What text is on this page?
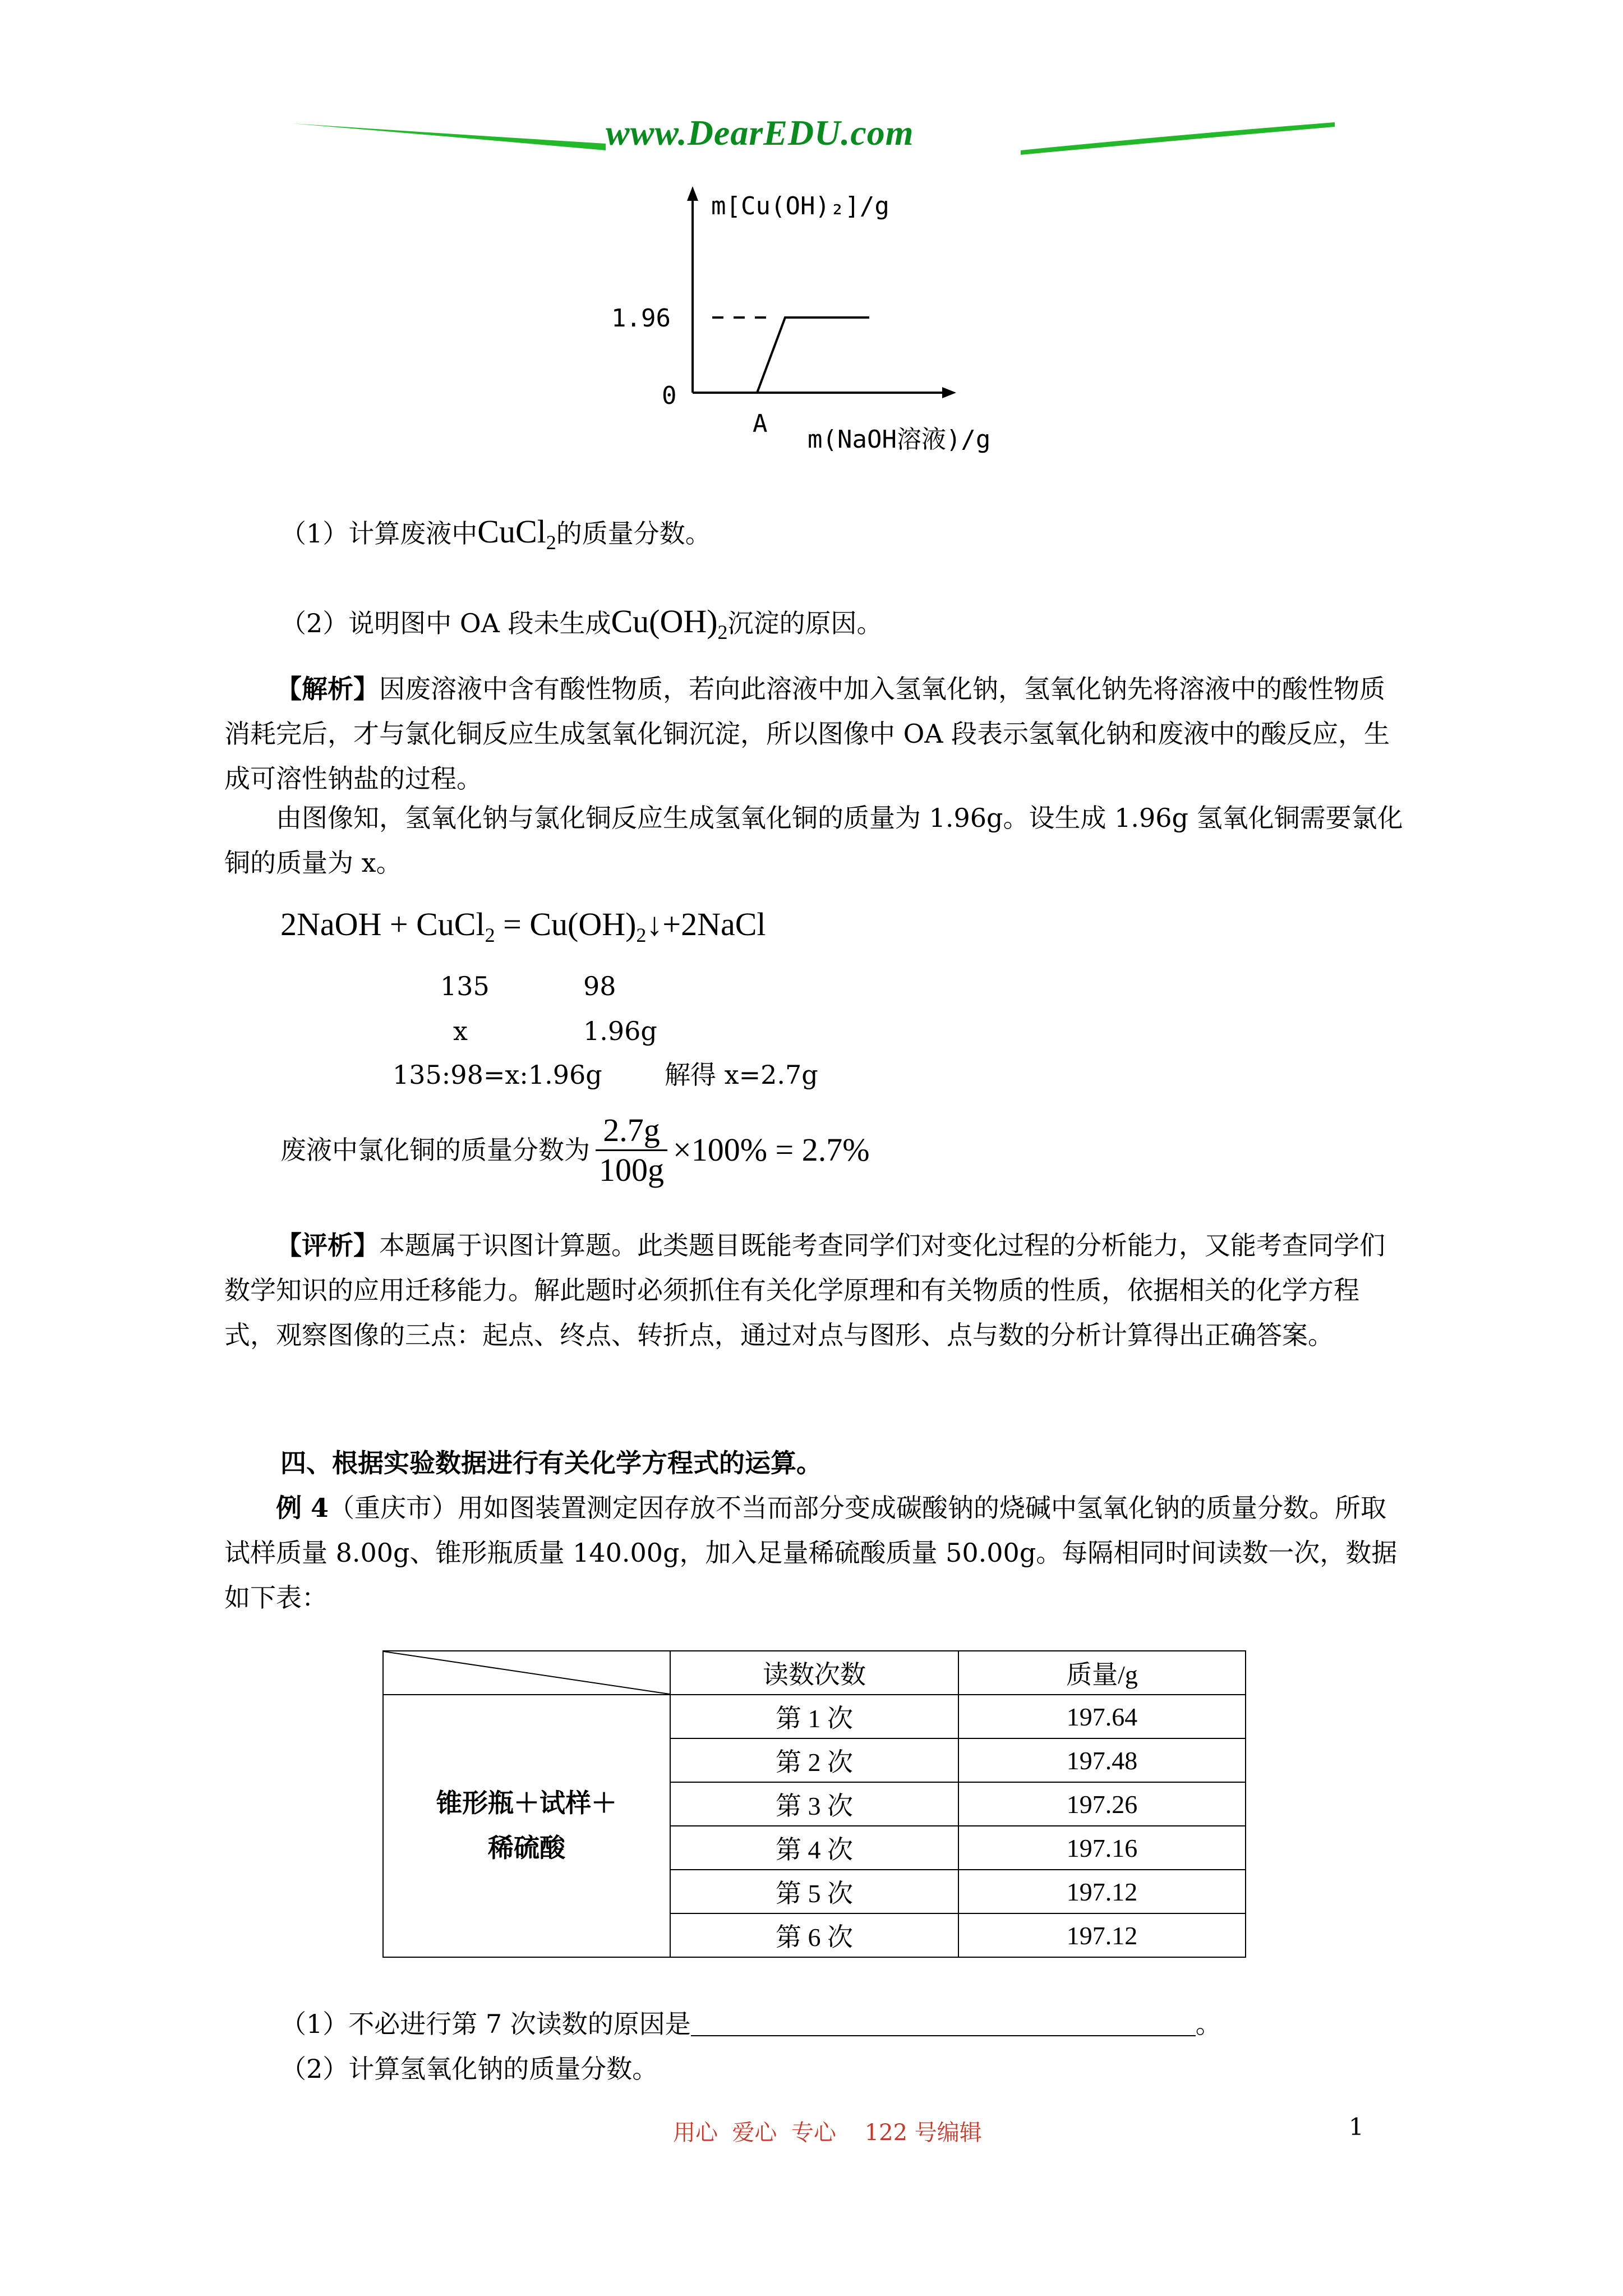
www.DearEDU.com
m[Cu(OH)₂]/g
1.96
0
A
m(NaOH溶液)/g
（1）计算废液中CuCl$_2$的质量分数。
（2）说明图中 OA 段未生成$Cu(OH)_2$沉淀的原因。
【解析】因废溶液中含有酸性物质，若向此溶液中加入氢氧化钠，氢氧化钠先将溶液中的酸性物质消耗完后，才与氯化铜反应生成氢氧化铜沉淀，所以图像中 OA 段表示氢氧化钠和废液中的酸反应，生成可溶性钠盐的过程。
由图像知，氢氧化钠与氯化铜反应生成氢氧化铜的质量为 1.96g。设生成 1.96g 氢氧化铜需要氯化铜的质量为 x。
2NaOH + CuCl$_2$ = $Cu(OH)_2↓+2NaCl$
135	98
x	1.96g
135:98=x:1.96g 解得 x=2.7g
废液中氯化铜的质量分数为 $\frac{2.7g}{100g} \times 100\% = 2.7\%$
【评析】本题属于识图计算题。此类题目既能考查同学们对变化过程的分析能力，又能考查同学们数学知识的应用迁移能力。解此题时必须抓住有关化学原理和有关物质的性质，依据相关的化学方程式，观察图像的三点：起点、终点、转折点，通过对点与图形、点与数的分析计算得出正确答案。
四、根据实验数据进行有关化学方程式的运算。
例 4（重庆市）用如图装置测定因存放不当而部分变成碳酸钠的烧碱中氢氧化钠的质量分数。所取试样质量 8.00g、锥形瓶质量 140.00g，加入足量稀硫酸质量 50.00g。每隔相同时间读数一次，数据如下表：
	读数次数	质量/g
锥形瓶＋试样＋
稀硫酸	第 1 次	197.64
	第 2 次	197.48
	第 3 次	197.26
	第 4 次	197.16
	第 5 次	197.12
	第 6 次	197.12
（1）不必进行第 7 次读数的原因是	。
（2）计算氢氧化钠的质量分数。
用心  爱心  专心    122 号编辑	1
